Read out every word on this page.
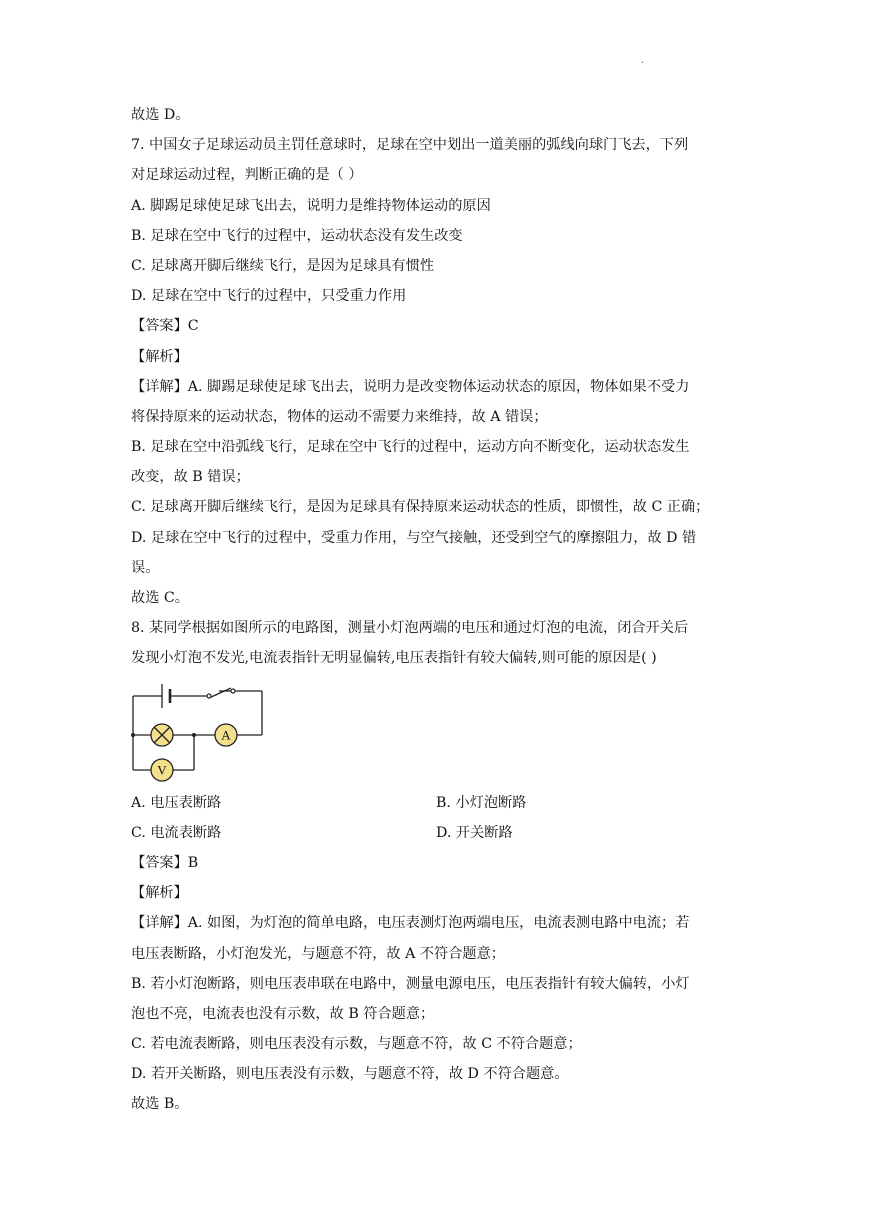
.
故选 D。
7. 中国女子足球运动员主罚任意球时，足球在空中划出一道美丽的弧线向球门飞去，下列
对足球运动过程，判断正确的是（ ）
A. 脚踢足球使足球飞出去，说明力是维持物体运动的原因
B. 足球在空中飞行的过程中，运动状态没有发生改变
C. 足球离开脚后继续飞行，是因为足球具有惯性
D. 足球在空中飞行的过程中，只受重力作用
【答案】C
【解析】
【详解】A. 脚踢足球使足球飞出去，说明力是改变物体运动状态的原因，物体如果不受力
将保持原来的运动状态，物体的运动不需要力来维持，故 A 错误；
B. 足球在空中沿弧线飞行，足球在空中飞行的过程中，运动方向不断变化，运动状态发生
改变，故 B 错误；
C. 足球离开脚后继续飞行，是因为足球具有保持原来运动状态的性质，即惯性，故 C 正确；
D. 足球在空中飞行的过程中，受重力作用，与空气接触，还受到空气的摩擦阻力，故 D 错
误。
故选 C。
8. 某同学根据如图所示的电路图，测量小灯泡两端的电压和通过灯泡的电流，闭合开关后
发现小灯泡不发光,电流表指针无明显偏转,电压表指针有较大偏转,则可能的原因是( )
A
V
A. 电压表断路	B. 小灯泡断路
C. 电流表断路	D. 开关断路
【答案】B
【解析】
【详解】A. 如图，为灯泡的简单电路，电压表测灯泡两端电压，电流表测电路中电流；若
电压表断路，小灯泡发光，与题意不符，故 A 不符合题意；
B. 若小灯泡断路，则电压表串联在电路中，测量电源电压，电压表指针有较大偏转，小灯
泡也不亮，电流表也没有示数，故 B 符合题意；
C. 若电流表断路，则电压表没有示数，与题意不符，故 C 不符合题意；
D. 若开关断路，则电压表没有示数，与题意不符，故 D 不符合题意。
故选 B。
